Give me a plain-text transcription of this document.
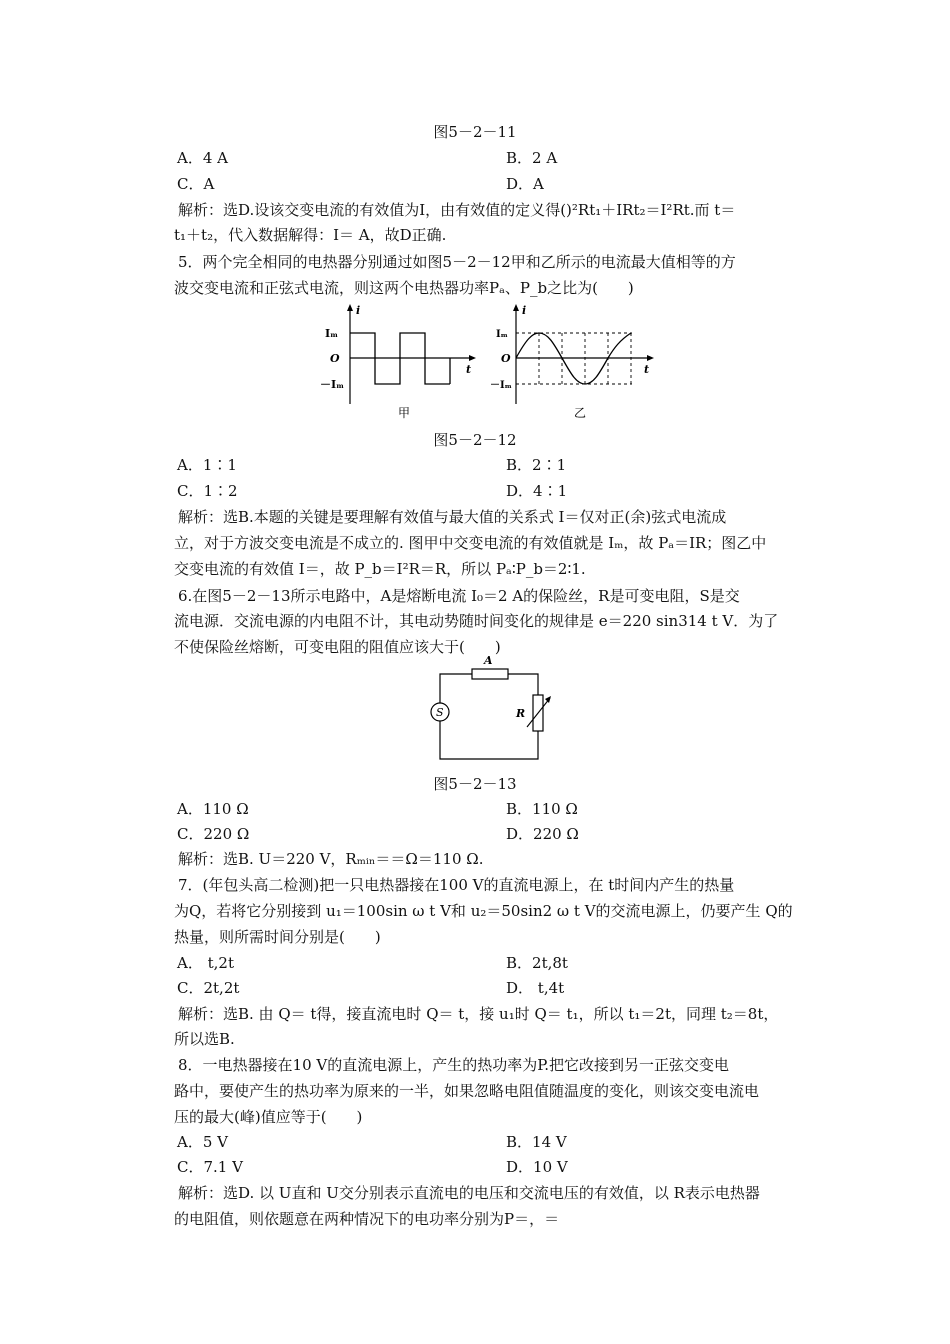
图5－2－11
A．4 A	B．2 A
C．A	D．A
解析：选D.设该交变电流的有效值为I，由有效值的定义得()²Rt₁＋IRt₂＝I²Rt.而 t＝
t₁＋t₂，代入数据解得：I＝ A，故D正确.
5．两个完全相同的电热器分别通过如图5－2－12甲和乙所示的电流最大值相等的方
波交变电流和正弦式电流，则这两个电热器功率Pₐ、P_b之比为(　　)
i
t
Iₘ
O
－Iₘ
甲
i
t
Iₘ
O
－Iₘ
乙
图5－2－12
A．1∶1	B．2∶1
C．1∶2	D．4∶1
解析：选B.本题的关键是要理解有效值与最大值的关系式 I＝仅对正(余)弦式电流成
立，对于方波交变电流是不成立的. 图甲中交变电流的有效值就是 Iₘ，故 Pₐ＝IR；图乙中
交变电流的有效值 I＝，故 P_b＝I²R＝R，所以 Pₐ∶P_b＝2∶1.
6.在图5－2－13所示电路中，A是熔断电流 I₀＝2 A的保险丝，R是可变电阻，S是交
流电源．交流电源的内电阻不计，其电动势随时间变化的规律是 e＝220 sin314 t V．为了
不使保险丝熔断，可变电阻的阻值应该大于(　　)
A
R
S
图5－2－13
A．110 Ω	B．110 Ω
C．220 Ω	D．220 Ω
解析：选B. U＝220 V，Rₘᵢₙ＝＝Ω＝110 Ω.
7．(年包头高二检测)把一只电热器接在100 V的直流电源上，在 t时间内产生的热量
为Q，若将它分别接到 u₁＝100sin ω t V和 u₂＝50sin2 ω t V的交流电源上，仍要产生 Q的
热量，则所需时间分别是(　　)
A． t,2t	B．2t,8t
C．2t,2t	D． t,4t
解析：选B. 由 Q＝ t得，接直流电时 Q＝ t，接 u₁时 Q＝ t₁，所以 t₁＝2t，同理 t₂＝8t，
所以选B.
8．一电热器接在10 V的直流电源上，产生的热功率为P.把它改接到另一正弦交变电
路中，要使产生的热功率为原来的一半，如果忽略电阻值随温度的变化，则该交变电流电
压的最大(峰)值应等于(　　)
A．5 V	B．14 V
C．7.1 V	D．10 V
解析：选D. 以 U直和 U交分别表示直流电的电压和交流电压的有效值，以 R表示电热器
的电阻值，则依题意在两种情况下的电功率分别为P＝，＝
